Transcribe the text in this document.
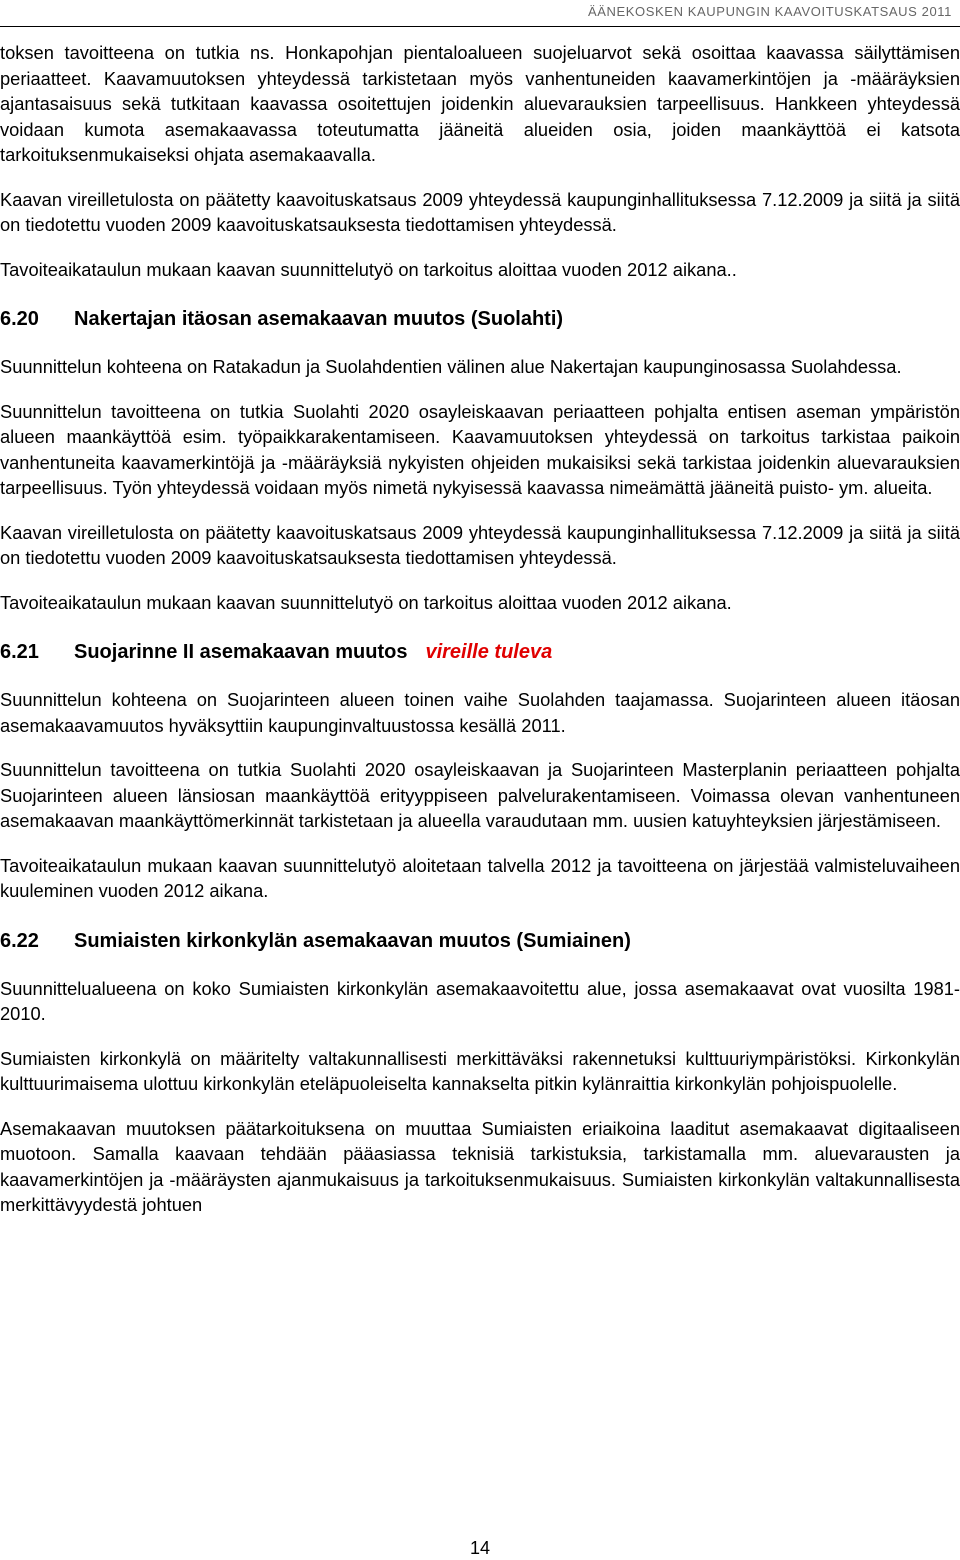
ÄÄNEKOSKEN KAUPUNGIN KAAVOITUSKATSAUS 2011

toksen tavoitteena on tutkia ns. Honkapohjan pientaloalueen suojeluarvot sekä osoittaa kaavassa säilyttämisen periaatteet. Kaavamuutoksen yhteydessä tarkistetaan myös vanhentuneiden kaavamerkintöjen ja -määräyksien ajantasaisuus sekä tutkitaan kaavassa osoitettujen joidenkin aluevarauksien tarpeellisuus. Hankkeen yhteydessä voidaan kumota asemakaavassa toteutumatta jääneitä alueiden osia, joiden maankäyttöä ei katsota tarkoituksenmukaiseksi ohjata asemakaavalla.

Kaavan vireilletulosta on päätetty kaavoituskatsaus 2009 yhteydessä kaupunginhallituksessa 7.12.2009 ja siitä ja siitä on tiedotettu vuoden 2009 kaavoituskatsauksesta tiedottamisen yhteydessä.

Tavoiteaikataulun mukaan kaavan suunnittelutyö on tarkoitus aloittaa vuoden 2012 aikana..

6.20 Nakertajan itäosan asemakaavan muutos (Suolahti)

Suunnittelun kohteena on Ratakadun ja Suolahdentien välinen alue Nakertajan kaupunginosassa Suolahdessa.

Suunnittelun tavoitteena on tutkia Suolahti 2020 osayleiskaavan periaatteen pohjalta entisen aseman ympäristön alueen maankäyttöä esim. työpaikkarakentamiseen. Kaavamuutoksen yhteydessä on tarkoitus tarkistaa paikoin vanhentuneita kaavamerkintöjä ja -määräyksiä nykyisten ohjeiden mukaisiksi sekä tarkistaa joidenkin aluevarauksien tarpeellisuus. Työn yhteydessä voidaan myös nimetä nykyisessä kaavassa nimeämättä jääneitä puisto- ym. alueita.

Kaavan vireilletulosta on päätetty kaavoituskatsaus 2009 yhteydessä kaupunginhallituksessa 7.12.2009 ja siitä ja siitä on tiedotettu vuoden 2009 kaavoituskatsauksesta tiedottamisen yhteydessä.

Tavoiteaikataulun mukaan kaavan suunnittelutyö on tarkoitus aloittaa vuoden 2012 aikana.

6.21 Suojarinne II asemakaavan muutos vireille tuleva

Suunnittelun kohteena on Suojarinteen alueen toinen vaihe Suolahden taajamassa. Suojarinteen alueen itäosan asemakaavamuutos hyväksyttiin kaupunginvaltuustossa kesällä 2011.

Suunnittelun tavoitteena on tutkia Suolahti 2020 osayleiskaavan ja Suojarinteen Masterplanin periaatteen pohjalta Suojarinteen alueen länsiosan maankäyttöä erityyppiseen palvelurakentamiseen. Voimassa olevan vanhentuneen asemakaavan maankäyttömerkinnät tarkistetaan ja alueella varaudutaan mm. uusien katuyhteyksien järjestämiseen.

Tavoiteaikataulun mukaan kaavan suunnittelutyö aloitetaan talvella 2012 ja tavoitteena on järjestää valmisteluvaiheen kuuleminen vuoden 2012 aikana.

6.22 Sumiaisten kirkonkylän asemakaavan muutos (Sumiainen)

Suunnittelualueena on koko Sumiaisten kirkonkylän asemakaavoitettu alue, jossa asemakaavat ovat vuosilta 1981-2010.

Sumiaisten kirkonkylä on määritelty valtakunnallisesti merkittäväksi rakennetuksi kulttuuriympäristöksi. Kirkonkylän kulttuurimaisema ulottuu kirkonkylän eteläpuoleiselta kannakselta pitkin kylänraittia kirkonkylän pohjoispuolelle.

Asemakaavan muutoksen päätarkoituksena on muuttaa Sumiaisten eriaikoina laaditut asemakaavat digitaaliseen muotoon. Samalla kaavaan tehdään pääasiassa teknisiä tarkistuksia, tarkistamalla mm. aluevarausten ja kaavamerkintöjen ja -määräysten ajanmukaisuus ja tarkoituksenmukaisuus. Sumiaisten kirkonkylän valtakunnallisesta merkittävyydestä johtuen

14
